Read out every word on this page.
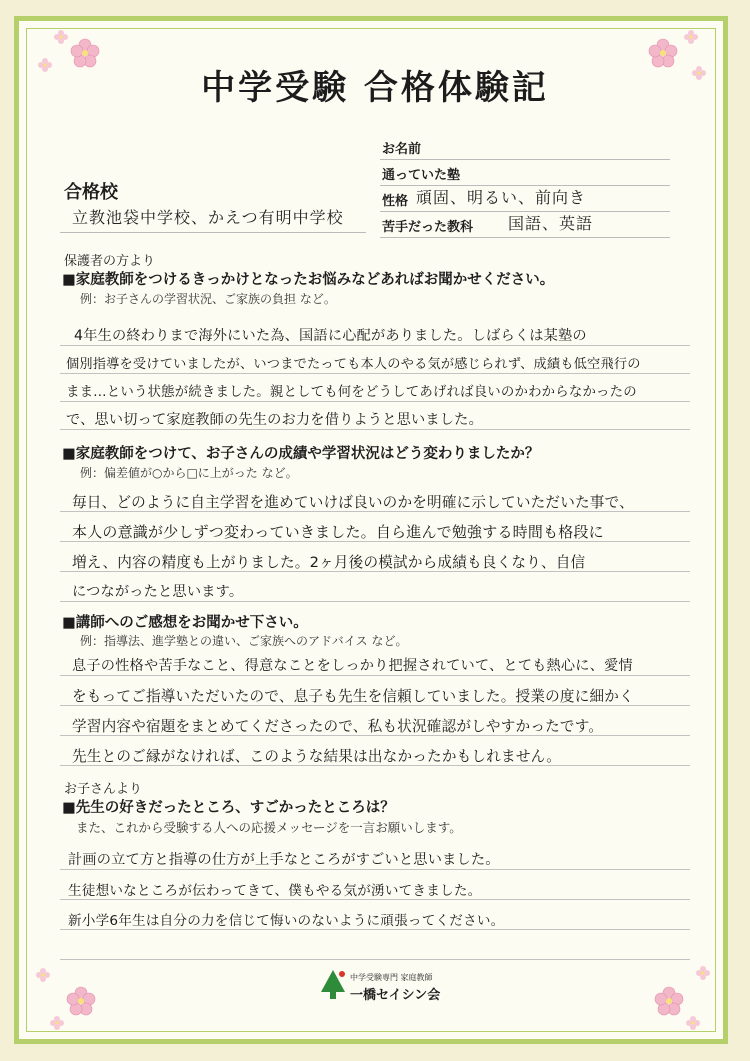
中学受験 合格体験記
合格校
立教池袋中学校、かえつ有明中学校
お名前
通っていた塾
性格 頑固、明るい、前向き
苦手だった教科 国語、英語
保護者の方より
■家庭教師をつけるきっかけとなったお悩みなどあればお聞かせください。
例：お子さんの学習状況、ご家族の負担 など。
4年生の終わりまで海外にいた為、国語に心配がありました。しばらくは某塾の
個別指導を受けていましたが、いつまでたっても本人のやる気が感じられず、成績も低空飛行の
まま…という状態が続きました。親としても何をどうしてあげれば良いのかわからなかったの
で、思い切って家庭教師の先生のお力を借りようと思いました。
■家庭教師をつけて、お子さんの成績や学習状況はどう変わりましたか？
例：偏差値が○から□に上がった など。
毎日、どのように自主学習を進めていけば良いのかを明確に示していただいた事で、
本人の意識が少しずつ変わっていきました。自ら進んで勉強する時間も格段に
増え、内容の精度も上がりました。2ヶ月後の模試から成績も良くなり、自信
につながったと思います。
■講師へのご感想をお聞かせ下さい。
例：指導法、進学塾との違い、ご家族へのアドバイス など。
息子の性格や苦手なこと、得意なことをしっかり把握されていて、とても熱心に、愛情
をもってご指導いただいたので、息子も先生を信頼していました。授業の度に細かく
学習内容や宿題をまとめてくださったので、私も状況確認がしやすかったです。
先生とのご縁がなければ、このような結果は出なかったかもしれません。
お子さんより
■先生の好きだったところ、すごかったところは？
また、これから受験する人への応援メッセージを一言お願いします。
計画の立て方と指導の仕方が上手なところがすごいと思いました。
生徒想いなところが伝わってきて、僕もやる気が湧いてきました。
新小学6年生は自分の力を信じて悔いのないように頑張ってください。
中学受験専門 家庭教師
一橋セイシン会
